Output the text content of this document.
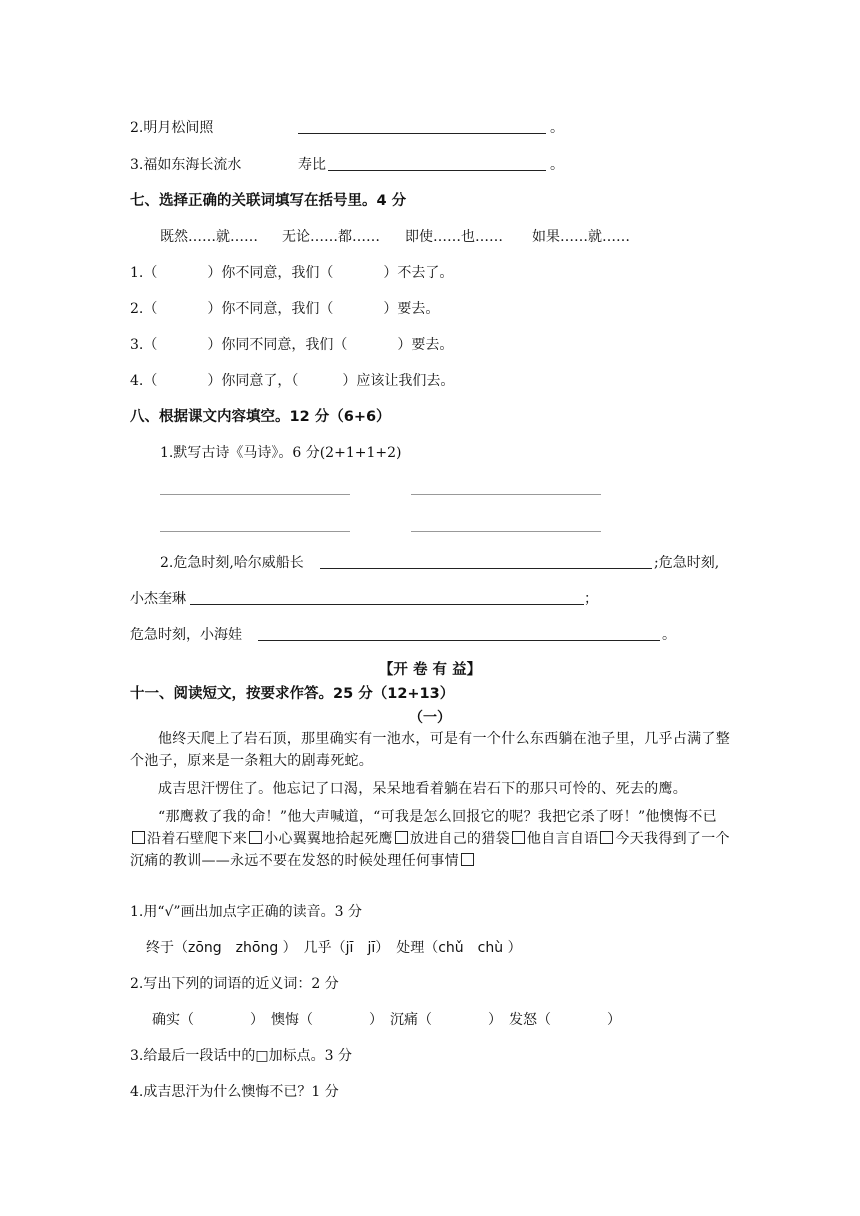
2.明月松间照	。
3.福如东海长流水	寿比	。
七、选择正确的关联词填写在括号里。4 分
既然……就…… 无论……都…… 即使……也…… 如果……就……
1.（	）你不同意，我们（	）不去了。
2.（	）你不同意，我们（	）要去。
3.（	）你同不同意，我们（	）要去。
4.（	）你同意了，（	）应该让我们去。
八、根据课文内容填空。12 分（6+6）
1.默写古诗《马诗》。6 分(2+1+1+2)
2.危急时刻,哈尔威船长	;危急时刻,
小杰奎琳	；
危急时刻，小海娃	。
【开 卷 有 益】
十一、阅读短文，按要求作答。25 分（12+13）
（一）

他终天爬上了岩石顶，那里确实有一池水，可是有一个什么东西躺在池子里，几乎占满了整个池子，原来是一条粗大的剧毒死蛇。

成吉思汗愣住了。他忘记了口渴，呆呆地看着躺在岩石下的那只可怜的、死去的鹰。

“那鹰救了我的命！”他大声喊道，“可我是怎么回报它的呢？我把它杀了呀！”他懊悔不已沿着石壁爬下来 小心翼翼地拾起死鹰 放进自己的猎袋 他自言自语 今天我得到了一个沉痛的教训——永远不要在发怒的时候处理任何事情

1.用“√”画出加点字正确的读音。3 分
终于（zōng　zhōng ）　几乎（jī　jī）　处理（chǔ　chù ）
2.写出下列的词语的近义词：2 分
确实（　　　　）　懊悔（　　　　）　沉痛（　　　　）　发怒（　　　　）
3.给最后一段话中的□加标点。3 分
4.成吉思汗为什么懊悔不已？1 分
